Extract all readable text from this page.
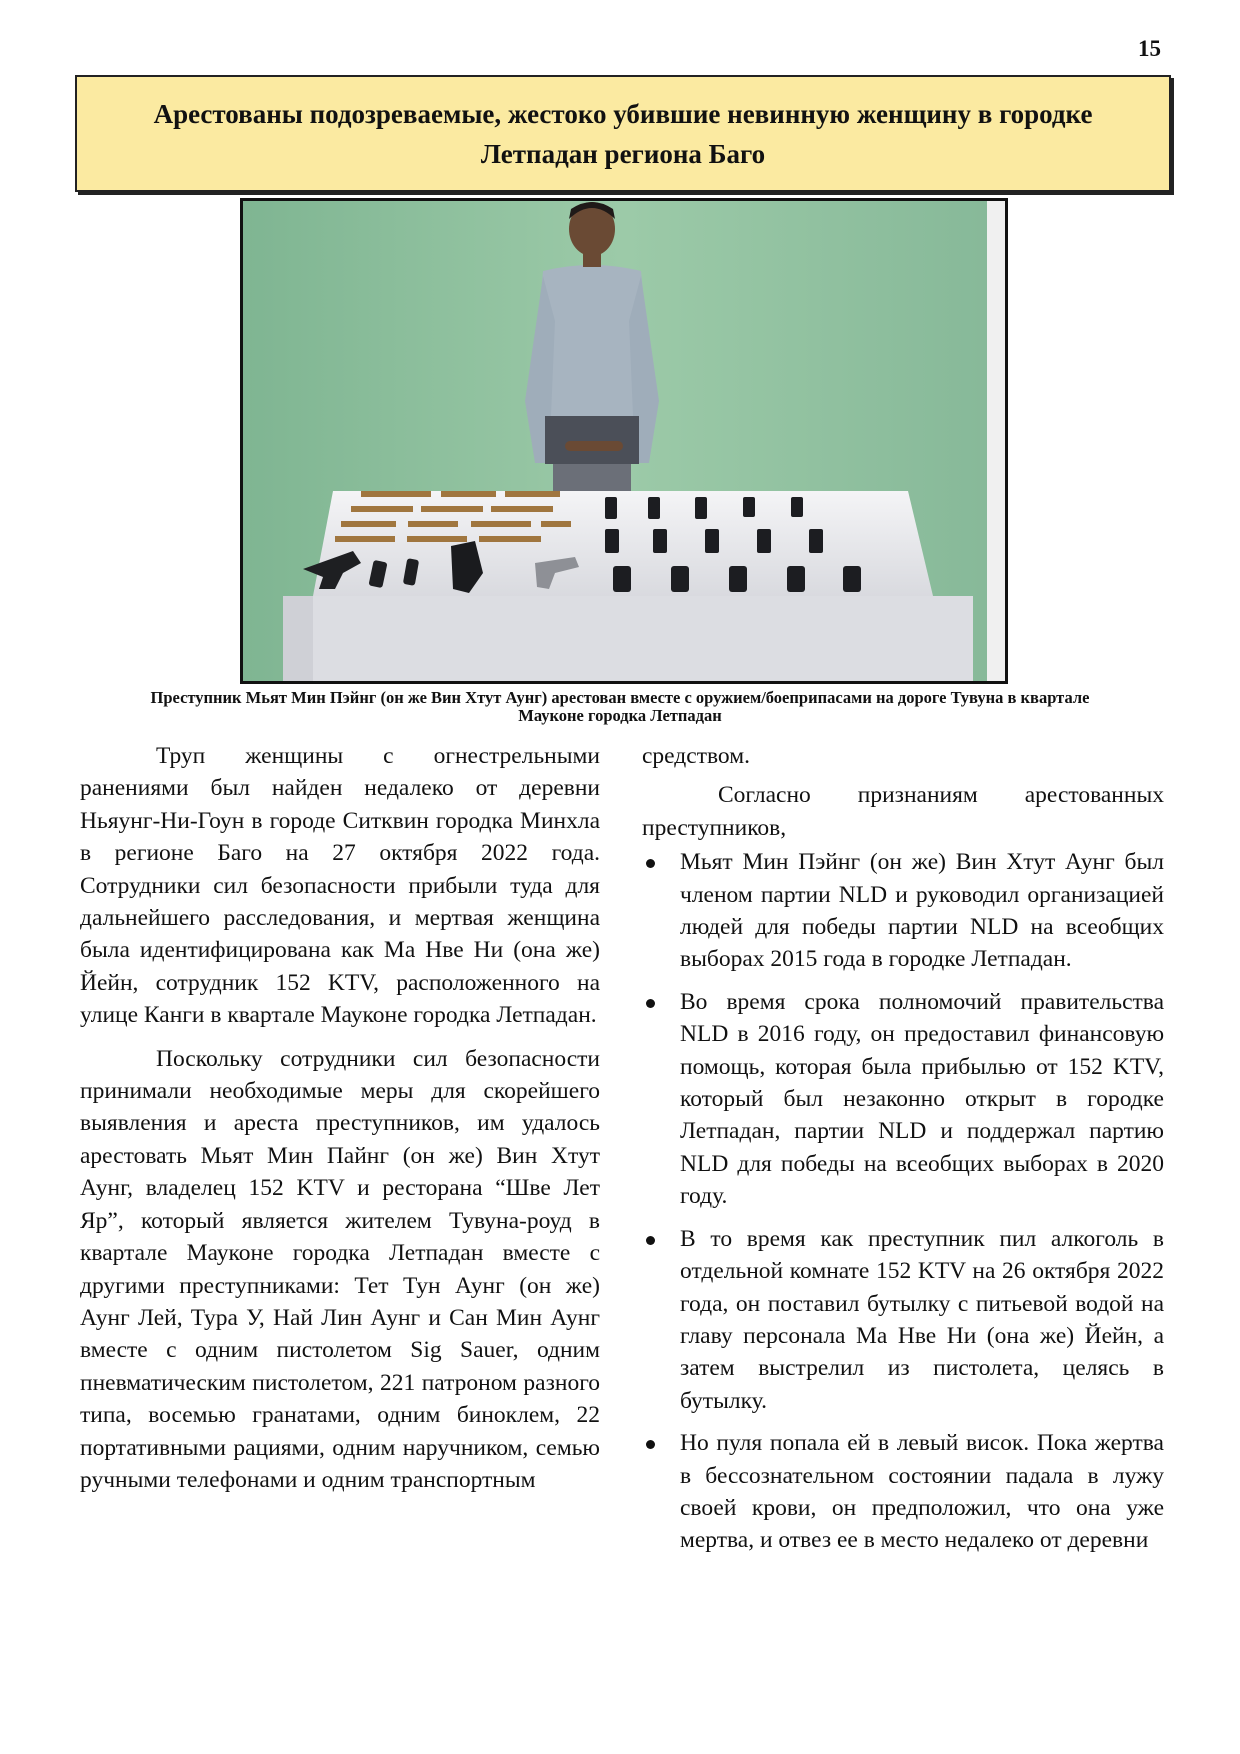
15
Арестованы подозреваемые, жестоко убившие невинную женщину в городке Летпадан региона Баго
Преступник Мьят Мин Пэйнг (он же Вин Хтут Аунг) арестован вместе с оружием/боеприпасами на дороге Тувуна в квартале Мауконе городка Летпадан

Труп женщины с огнестрельными ранениями был найден недалеко от деревни Ньяунг-Ни-Гоун в городе Ситквин городка Минхла в регионе Баго на 27 октября 2022 года. Сотрудники сил безопасности прибыли туда для дальнейшего расследования, и мертвая женщина была идентифицирована как Ма Нве Ни (она же) Йейн, сотрудник 152 KTV, расположенного на улице Канги в квартале Мауконе городка Летпадан.

Поскольку сотрудники сил безопасности принимали необходимые меры для скорейшего выявления и ареста преступников, им удалось арестовать Мьят Мин Пайнг (он же) Вин Хтут Аунг, владелец 152 KTV и ресторана “Шве Лет Яр”, который является жителем Тувуна-роуд в квартале Мауконе городка Летпадан вместе с другими преступниками: Тет Тун Аунг (он же) Аунг Лей, Тура У, Най Лин Аунг и Сан Мин Аунг вместе с одним пистолетом Sig Sauer, одним пневматическим пистолетом, 221 патроном разного типа, восемью гранатами, одним биноклем, 22 портативными рациями, одним наручником, семью ручными телефонами и одним транспортным

средством.

Согласно признаниям арестованных преступников,

Мьят Мин Пэйнг (он же) Вин Хтут Аунг был членом партии NLD и руководил организацией людей для победы партии NLD на всеобщих выборах 2015 года в городке Летпадан.
Во время срока полномочий правительства NLD в 2016 году, он предоставил финансовую помощь, которая была прибылью от 152 KTV, который был незаконно открыт в городке Летпадан, партии NLD и поддержал партию NLD для победы на всеобщих выборах в 2020 году.
В то время как преступник пил алкоголь в отдельной комнате 152 KTV на 26 октября 2022 года, он поставил бутылку с питьевой водой на главу персонала Ма Нве Ни (она же) Йейн, а затем выстрелил из пистолета, целясь в бутылку.
Но пуля попала ей в левый висок. Пока жертва в бессознательном состоянии падала в лужу своей крови, он предположил, что она уже мертва, и отвез ее в место недалеко от деревни
